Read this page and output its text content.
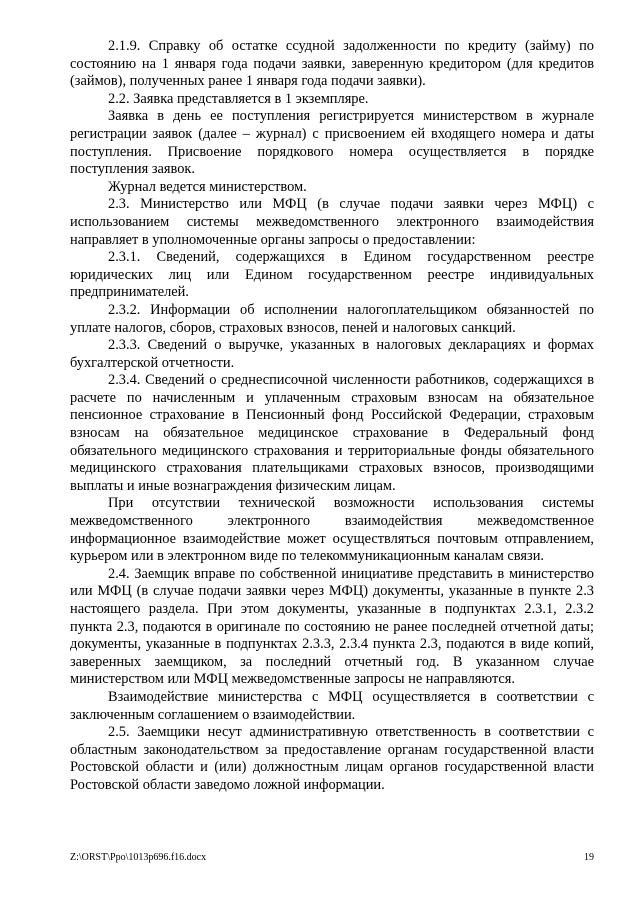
2.1.9. Справку об остатке ссудной задолженности по кредиту (займу) по состоянию на 1 января года подачи заявки, заверенную кредитором (для кредитов (займов), полученных ранее 1 января года подачи заявки).

2.2. Заявка представляется в 1 экземпляре.

Заявка в день ее поступления регистрируется министерством в журнале регистрации заявок (далее – журнал) с присвоением ей входящего номера и даты поступления. Присвоение порядкового номера осуществляется в порядке поступления заявок.

Журнал ведется министерством.

2.3. Министерство или МФЦ (в случае подачи заявки через МФЦ) с использованием системы межведомственного электронного взаимодействия направляет в уполномоченные органы запросы о предоставлении:

2.3.1. Сведений, содержащихся в Едином государственном реестре юридических лиц или Едином государственном реестре индивидуальных предпринимателей.

2.3.2. Информации об исполнении налогоплательщиком обязанностей по уплате налогов, сборов, страховых взносов, пеней и налоговых санкций.

2.3.3. Сведений о выручке, указанных в налоговых декларациях и формах бухгалтерской отчетности.

2.3.4. Сведений о среднесписочной численности работников, содержащихся в расчете по начисленным и уплаченным страховым взносам на обязательное пенсионное страхование в Пенсионный фонд Российской Федерации, страховым взносам на обязательное медицинское страхование в Федеральный фонд обязательного медицинского страхования и территориальные фонды обязательного медицинского страхования плательщиками страховых взносов, производящими выплаты и иные вознаграждения физическим лицам.

При отсутствии технической возможности использования системы межведомственного электронного взаимодействия межведомственное информационное взаимодействие может осуществляться почтовым отправлением, курьером или в электронном виде по телекоммуникационным каналам связи.

2.4. Заемщик вправе по собственной инициативе представить в министерство или МФЦ (в случае подачи заявки через МФЦ) документы, указанные в пункте 2.3 настоящего раздела. При этом документы, указанные в подпунктах 2.3.1, 2.3.2 пункта 2.3, подаются в оригинале по состоянию не ранее последней отчетной даты; документы, указанные в подпунктах 2.3.3, 2.3.4 пункта 2.3, подаются в виде копий, заверенных заемщиком, за последний отчетный год. В указанном случае министерством или МФЦ межведомственные запросы не направляются.

Взаимодействие министерства с МФЦ осуществляется в соответствии с заключенным соглашением о взаимодействии.

2.5. Заемщики несут административную ответственность в соответствии с областным законодательством за предоставление органам государственной власти Ростовской области и (или) должностным лицам органов государственной власти Ростовской области заведомо ложной информации.

Z:\ORST\Ppo\1013p696.f16.docx	19
